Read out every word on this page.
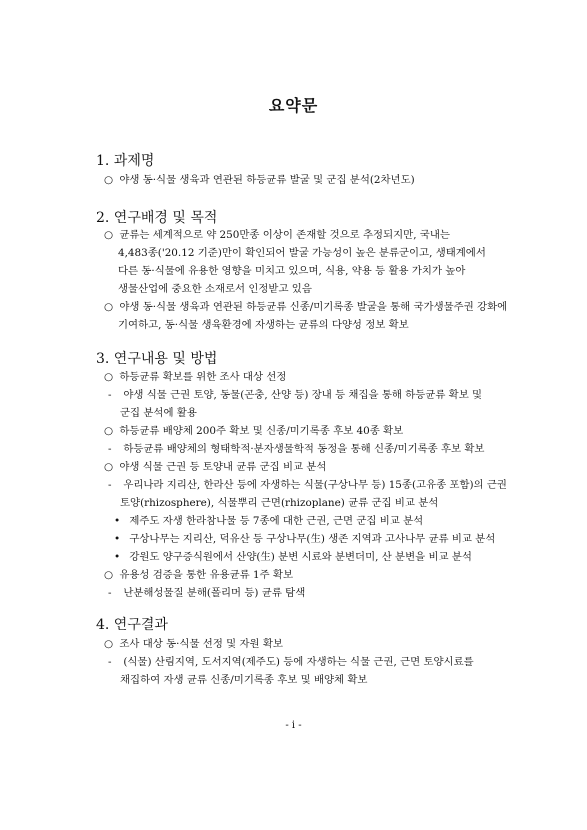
요약문
1. 과제명
○ 야생 동·식물 생육과 연관된 하등균류 발굴 및 군집 분석(2차년도)
2. 연구배경 및 목적
○ 균류는 세계적으로 약 250만종 이상이 존재할 것으로 추정되지만, 국내는
4,483종('20.12 기준)만이 확인되어 발굴 가능성이 높은 분류군이고, 생태계에서
다른 동·식물에 유용한 영향을 미치고 있으며, 식용, 약용 등 활용 가치가 높아
생물산업에 중요한 소재로서 인정받고 있음
○ 야생 동·식물 생육과 연관된 하등균류 신종/미기록종 발굴을 통해 국가생물주권 강화에
기여하고, 동·식물 생육환경에 자생하는 균류의 다양성 정보 확보
3. 연구내용 및 방법
○ 하등균류 확보를 위한 조사 대상 선정
- 야생 식물 근권 토양, 동물(곤충, 산양 등) 장내 등 채집을 통해 하등균류 확보 및
군집 분석에 활용
○ 하등균류 배양체 200주 확보 및 신종/미기록종 후보 40종 확보
- 하등균류 배양체의 형태학적·분자생물학적 동정을 통해 신종/미기록종 후보 확보
○ 야생 식물 근권 등 토양내 균류 군집 비교 분석
- 우리나라 지리산, 한라산 등에 자생하는 식물(구상나무 등) 15종(고유종 포함)의 근권
토양(rhizosphere), 식물뿌리 근면(rhizoplane) 균류 군집 비교 분석
• 제주도 자생 한라참나물 등 7종에 대한 근권, 근면 군집 비교 분석
• 구상나무는 지리산, 덕유산 등 구상나무(生) 생존 지역과 고사나무 균류 비교 분석
• 강원도 양구증식원에서 산양(生) 분변 시료와 분변더미, 산 분변을 비교 분석
○ 유용성 검증을 통한 유용균류 1주 확보
- 난분해성물질 분해(폴리머 등) 균류 탐색
4. 연구결과
○ 조사 대상 동·식물 선정 및 자원 확보
- (식물) 산림지역, 도서지역(제주도) 등에 자생하는 식물 근권, 근면 토양시료를
채집하여 자생 균류 신종/미기록종 후보 및 배양체 확보
- i -
